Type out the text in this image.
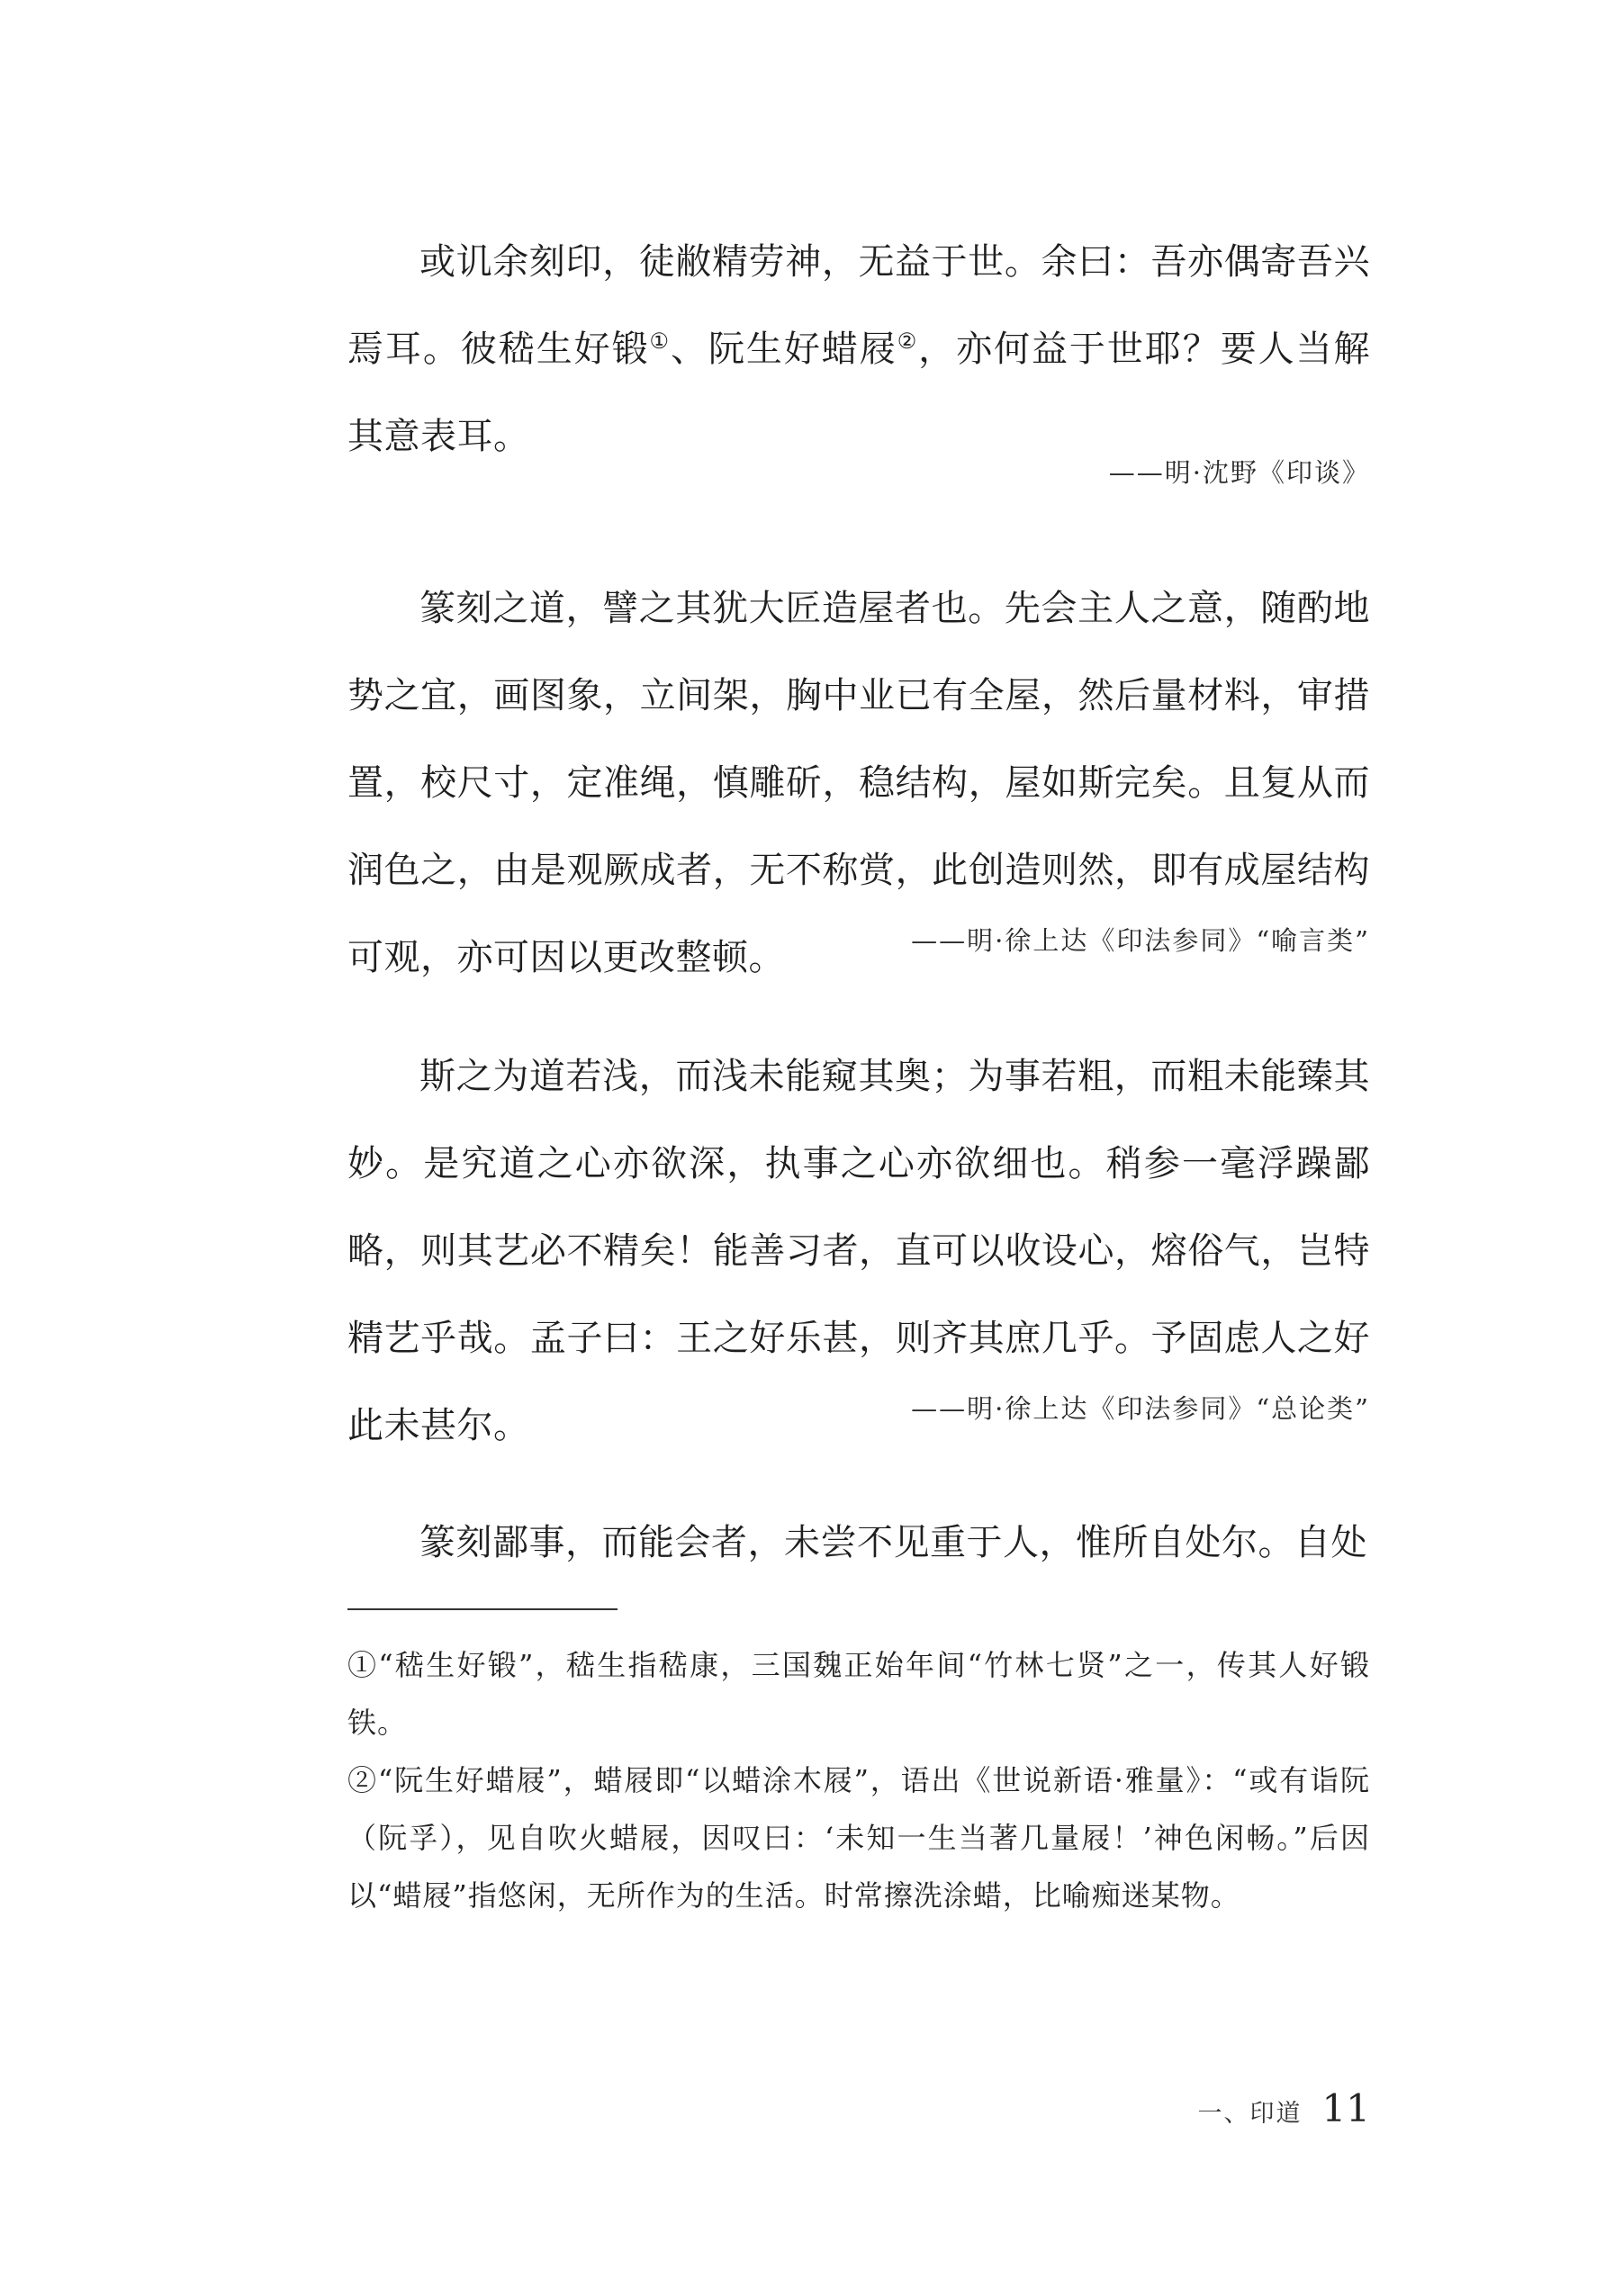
或讥余刻印，徒敝精劳神，无益于世。余曰：吾亦偶寄吾兴焉耳。彼嵇生好锻①、阮生好蜡屐②，亦何益于世耶？要人当解其意表耳。

——明·沈野《印谈》

篆刻之道，譬之其犹大匠造屋者也。先会主人之意，随酌地势之宜，画图象，立间架，胸中业已有全屋，然后量材料，审措置，校尺寸，定准绳，慎雕斫，稳结构，屋如斯完矣。且复从而润色之，由是观厥成者，无不称赏，此创造则然，即有成屋结构可观，亦可因以更改整顿。	——明·徐上达《印法参同》“喻言类”

斯之为道若浅，而浅未能窥其奥；为事若粗，而粗未能臻其妙。是究道之心亦欲深，执事之心亦欲细也。稍参一毫浮躁鄙略，则其艺必不精矣！能善习者，直可以收设心，熔俗气，岂特精艺乎哉。孟子曰：王之好乐甚，则齐其庶几乎。予固虑人之好此未甚尔。	——明·徐上达《印法参同》“总论类”

篆刻鄙事，而能会者，未尝不见重于人，惟所自处尔。自处

①“嵇生好锻”，嵇生指嵇康，三国魏正始年间“竹林七贤”之一，传其人好锻铁。

②“阮生好蜡屐”，蜡屐即“以蜡涂木屐”，语出《世说新语·雅量》：“或有诣阮（阮孚），见自吹火蜡屐，因叹曰：‘未知一生当著几量屐！’神色闲畅。”后因以“蜡屐”指悠闲，无所作为的生活。时常擦洗涂蜡，比喻痴迷某物。

一、印道 11
